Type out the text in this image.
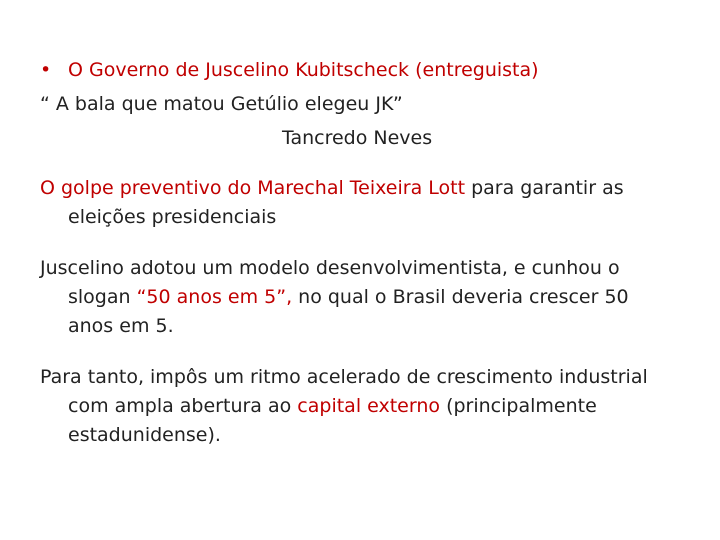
• O Governo de Juscelino Kubitscheck (entreguista)
“ A bala que matou Getúlio elegeu JK”
Tancredo Neves
O golpe preventivo do Marechal Teixeira Lott para garantir as
eleições presidenciais
Juscelino adotou um modelo desenvolvimentista, e cunhou o
slogan “50 anos em 5”, no qual o Brasil deveria crescer 50
anos em 5.
Para tanto, impôs um ritmo acelerado de crescimento industrial
com ampla abertura ao capital externo (principalmente
estadunidense).
